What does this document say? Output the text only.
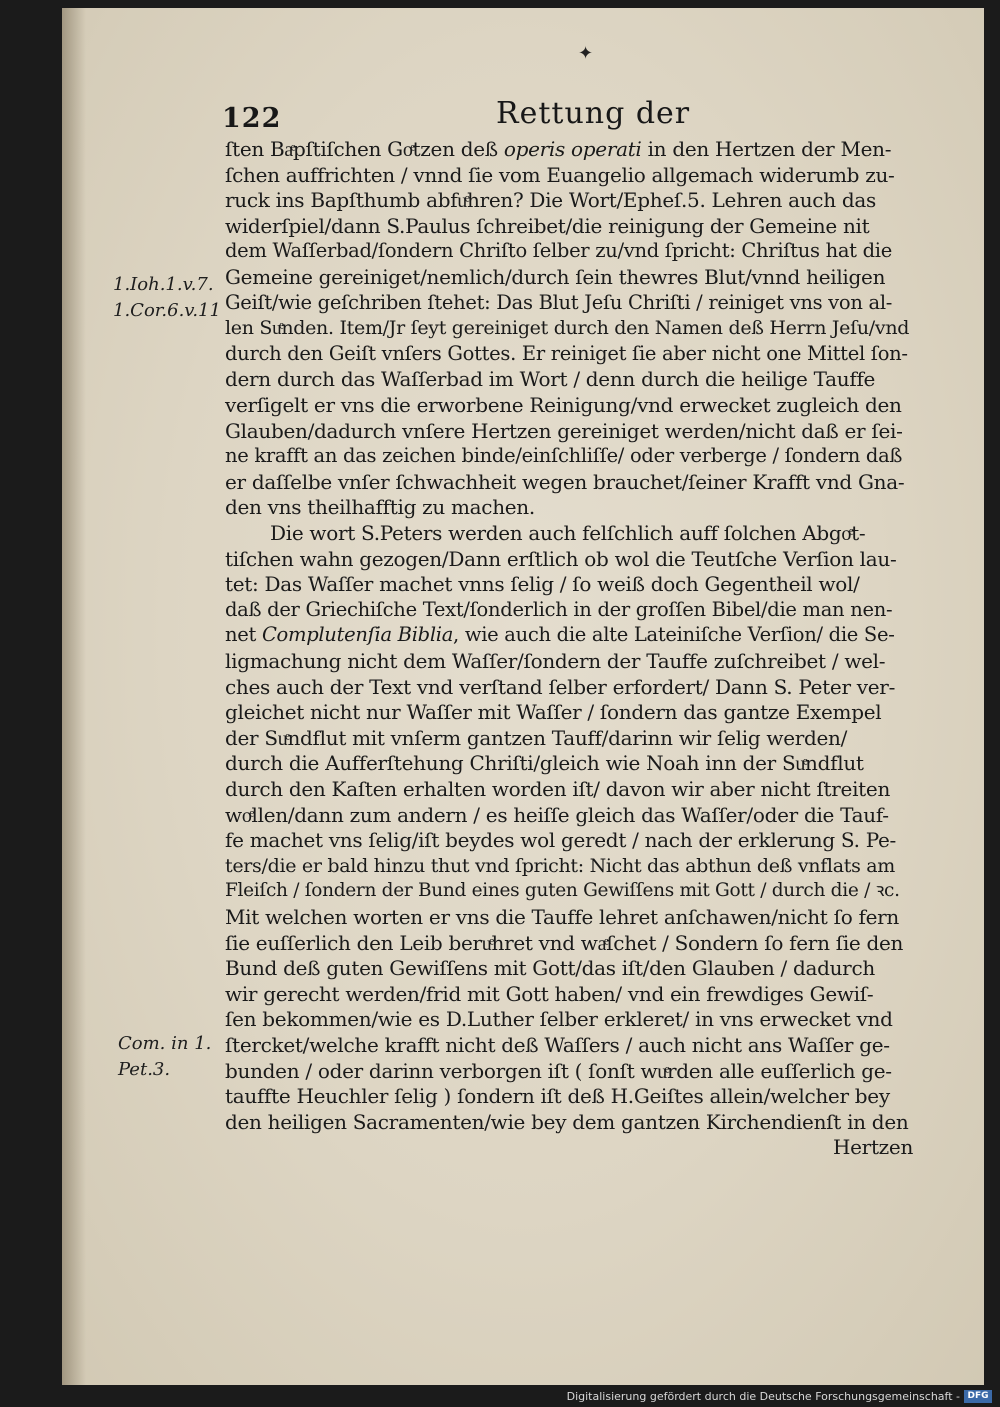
✦
122	Rettung der
1.Ioh.1.v.7.
1.Cor.6.v.11
Com. in 1.
Pet.3.
ſten Baͤpſtiſchen Goͤtzen deß operis operati in den Hertzen der Men-
ſchen auffrichten / vnnd ſie vom Euangelio allgemach widerumb zu-
ruck ins Bapſthumb abfuͤhren? Die Wort/Epheſ.5. Lehren auch das
widerſpiel/dann S.Paulus ſchreibet/die reinigung der Gemeine nit
dem Waſſerbad/ſondern Chriſto ſelber zu/vnd ſpricht: Chriſtus hat die
Gemeine gereiniget/nemlich/durch ſein thewres Blut/vnnd heiligen
Geiſt/wie geſchriben ſtehet: Das Blut Jeſu Chriſti / reiniget vns von al-
len Suͤnden. Item/Jr ſeyt gereiniget durch den Namen deß Herrn Jeſu/vnd
durch den Geiſt vnſers Gottes. Er reiniget ſie aber nicht one Mittel ſon-
dern durch das Waſſerbad im Wort / denn durch die heilige Tauffe
verſigelt er vns die erworbene Reinigung/vnd erwecket zugleich den
Glauben/dadurch vnſere Hertzen gereiniget werden/nicht daß er ſei-
ne krafft an das zeichen binde/einſchliſſe/ oder verberge / ſondern daß
er daſſelbe vnſer ſchwachheit wegen brauchet/ſeiner Krafft vnd Gna-
den vns theilhafftig zu machen.
Die wort S.Peters werden auch felſchlich auff ſolchen Abgoͤt-
tiſchen wahn gezogen/Dann erſtlich ob wol die Teutſche Verſion lau-
tet: Das Waſſer machet vnns ſelig / ſo weiß doch Gegentheil wol/
daß der Griechiſche Text/ſonderlich in der groſſen Bibel/die man nen-
net Complutenſia Biblia, wie auch die alte Lateiniſche Verſion/ die Se-
ligmachung nicht dem Waſſer/ſondern der Tauffe zuſchreibet / wel-
ches auch der Text vnd verſtand ſelber erfordert/ Dann S. Peter ver-
gleichet nicht nur Waſſer mit Waſſer / ſondern das gantze Exempel
der Suͤndflut mit vnſerm gantzen Tauff/darinn wir ſelig werden/
durch die Aufferſtehung Chriſti/gleich wie Noah inn der Suͤndflut
durch den Kaſten erhalten worden iſt/ davon wir aber nicht ſtreiten
woͤllen/dann zum andern / es heiſſe gleich das Waſſer/oder die Tauf-
fe machet vns ſelig/iſt beydes wol geredt / nach der erklerung S. Pe-
ters/die er bald hinzu thut vnd ſpricht: Nicht das abthun deß vnflats am
Fleiſch / ſondern der Bund eines guten Gewiſſens mit Gott / durch die / ꝛc.
Mit welchen worten er vns die Tauffe lehret anſchawen/nicht ſo fern
ſie euſſerlich den Leib beruͤhret vnd waͤſchet / Sondern ſo fern ſie den
Bund deß guten Gewiſſens mit Gott/das iſt/den Glauben / dadurch
wir gerecht werden/frid mit Gott haben/ vnd ein frewdiges Gewiſ-
ſen bekommen/wie es D.Luther ſelber erkleret/ in vns erwecket vnd
ſtercket/welche krafft nicht deß Waſſers / auch nicht ans Waſſer ge-
bunden / oder darinn verborgen iſt ( ſonſt wuͤrden alle euſſerlich ge-
tauffte Heuchler ſelig ) ſondern iſt deß H.Geiſtes allein/welcher bey
den heiligen Sacramenten/wie bey dem gantzen Kirchendienſt in den
Hertzen
Digitalisierung gefördert durch die Deutsche Forschungsgemeinschaft - DFG
